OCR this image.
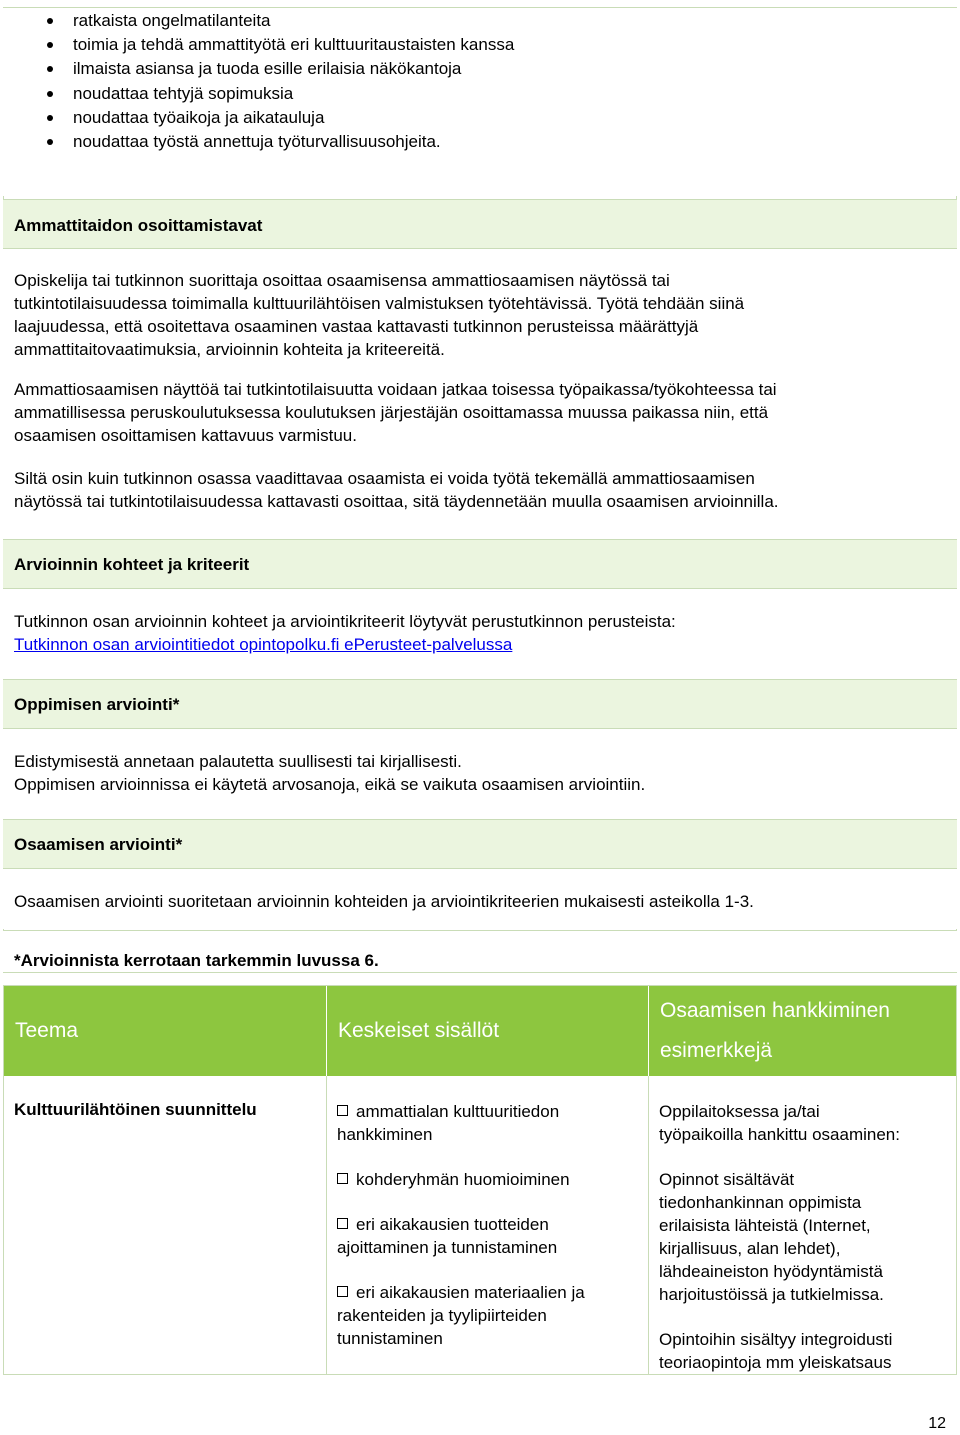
ratkaista ongelmatilanteita
toimia ja tehdä ammattityötä eri kulttuuritaustaisten kanssa
ilmaista asiansa ja tuoda esille erilaisia näkökantoja
noudattaa tehtyjä sopimuksia
noudattaa työaikoja ja aikatauluja
noudattaa työstä annettuja työturvallisuusohjeita.
Ammattitaidon osoittamistavat
Opiskelija tai tutkinnon suorittaja osoittaa osaamisensa ammattiosaamisen näytössä tai
tutkintotilaisuudessa toimimalla kulttuurilähtöisen valmistuksen työtehtävissä. Työtä tehdään siinä
laajuudessa, että osoitettava osaaminen vastaa kattavasti tutkinnon perusteissa määrättyjä
ammattitaitovaatimuksia, arvioinnin kohteita ja kriteereitä.
Ammattiosaamisen näyttöä tai tutkintotilaisuutta voidaan jatkaa toisessa työpaikassa/työkohteessa tai
ammatillisessa peruskoulutuksessa koulutuksen järjestäjän osoittamassa muussa paikassa niin, että
osaamisen osoittamisen kattavuus varmistuu.
Siltä osin kuin tutkinnon osassa vaadittavaa osaamista ei voida työtä tekemällä ammattiosaamisen
näytössä tai tutkintotilaisuudessa kattavasti osoittaa, sitä täydennetään muulla osaamisen arvioinnilla.
Arvioinnin kohteet ja kriteerit
Tutkinnon osan arvioinnin kohteet ja arviointikriteerit löytyvät perustutkinnon perusteista:
Tutkinnon osan arviointitiedot opintopolku.fi ePerusteet-palvelussa
Oppimisen arviointi*
Edistymisestä annetaan palautetta suullisesti tai kirjallisesti.
Oppimisen arvioinnissa ei käytetä arvosanoja, eikä se vaikuta osaamisen arviointiin.
Osaamisen arviointi*
Osaamisen arviointi suoritetaan arvioinnin kohteiden ja arviointikriteerien mukaisesti asteikolla 1-3.
*Arvioinnista kerrotaan tarkemmin luvussa 6.
Teema	Keskeiset sisällöt
Osaamisen hankkiminen
esimerkkejä

Kulttuurilähtöinen suunnittelu	ammattialan kulttuuritiedon

hankkiminen

kohderyhmän huomioiminen

eri aikakausien tuotteiden

ajoittaminen ja tunnistaminen

eri aikakausien materiaalien ja

rakenteiden ja tyylipiirteiden

tunnistaminen

Oppilaitoksessa ja/tai

työpaikoilla hankittu osaaminen:

Opinnot sisältävät

tiedonhankinnan oppimista

erilaisista lähteistä (Internet,

kirjallisuus, alan lehdet),

lähdeaineiston hyödyntämistä

harjoitustöissä ja tutkielmissa.

Opintoihin sisältyy integroidusti

teoriaopintoja mm yleiskatsaus

12
